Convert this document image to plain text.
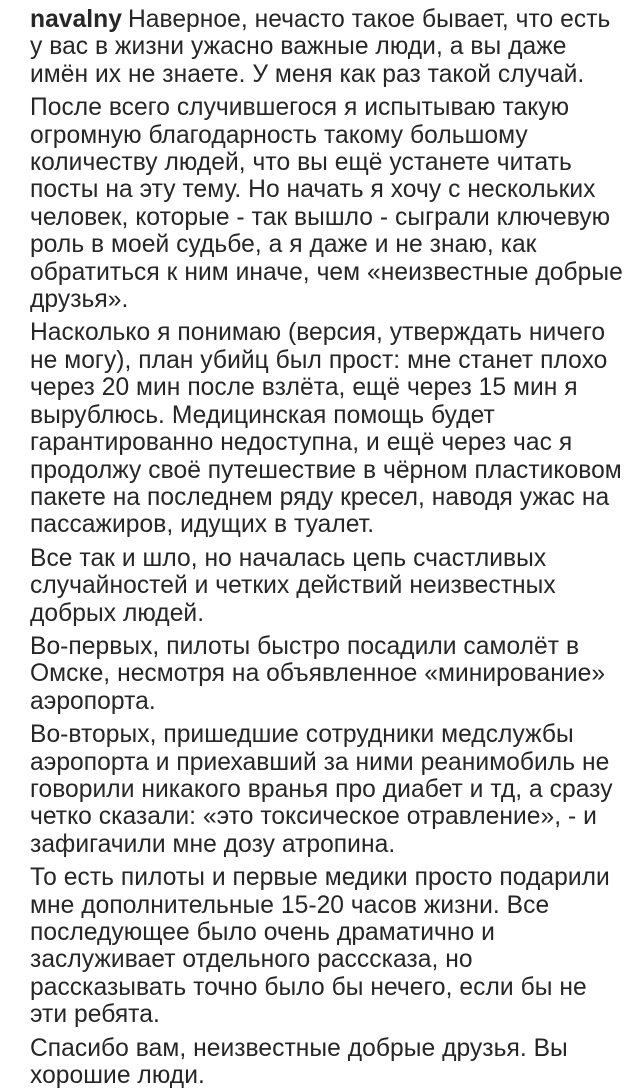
navalny Наверное, нечасто такое бывает, что есть у вас в жизни ужасно важные люди, а вы даже имён их не знаете. У меня как раз такой случай.

После всего случившегося я испытываю такую огромную благодарность такому большому количеству людей, что вы ещё устанете читать посты на эту тему. Но начать я хочу с нескольких человек, которые - так вышло - сыграли ключевую роль в моей судьбе, а я даже и не знаю, как обратиться к ним иначе, чем «неизвестные добрые друзья».

Насколько я понимаю (версия, утверждать ничего не могу), план убийц был прост: мне станет плохо через 20 мин после взлёта, ещё через 15 мин я вырублюсь. Медицинская помощь будет гарантированно недоступна, и ещё через час я продолжу своё путешествие в чёрном пластиковом пакете на последнем ряду кресел, наводя ужас на пассажиров, идущих в туалет.

Все так и шло, но началась цепь счастливых случайностей и четких действий неизвестных добрых людей.

Во-первых, пилоты быстро посадили самолёт в Омске, несмотря на объявленное «минирование» аэропорта.

Во-вторых, пришедшие сотрудники медслужбы аэропорта и приехавший за ними реанимобиль не говорили никакого вранья про диабет и тд, а сразу четко сказали: «это токсическое отравление», - и зафигачили мне дозу атропина.

То есть пилоты и первые медики просто подарили мне дополнительные 15-20 часов жизни. Все последующее было очень драматично и заслуживает отдельного расссказа, но рассказывать точно было бы нечего, если бы не эти ребята.

Спасибо вам, неизвестные добрые друзья. Вы хорошие люди.
